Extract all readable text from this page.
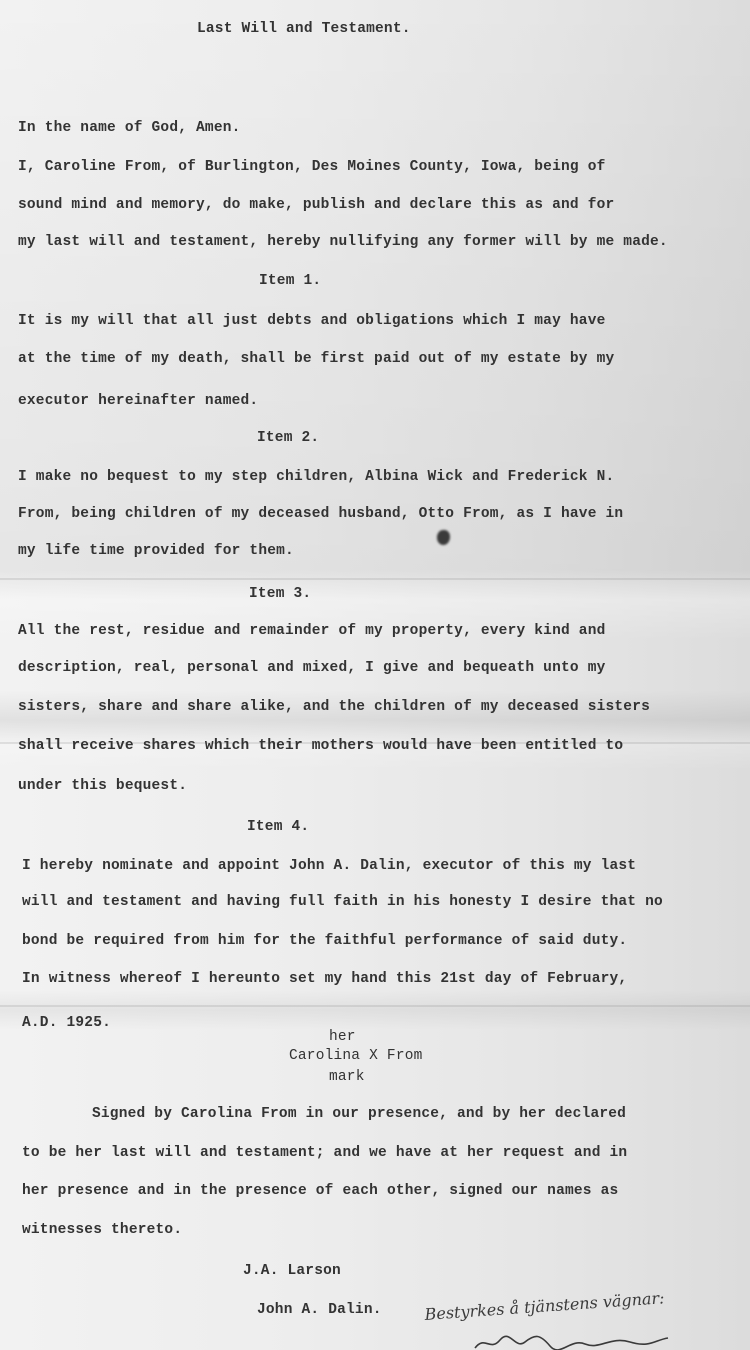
Last Will and Testament.
In the name of God, Amen.
I, Caroline From, of Burlington, Des Moines County, Iowa, being of
sound mind and memory, do make, publish and declare this as and for
my last will and testament, hereby nullifying any former will by me made.
Item 1.
It is my will that all just debts and obligations which I may have
at the time of my death, shall be first paid out of my estate by my
executor hereinafter named.
Item 2.
I make no bequest to my step children, Albina Wick and Frederick N.
From, being children of my deceased husband, Otto From, as I have in
my life time provided for them.
Item 3.
All the rest, residue and remainder of my property, every kind and
description, real, personal and mixed, I give and bequeath unto my
sisters, share and share alike, and the children of my deceased sisters
shall receive shares which their mothers would have been entitled to
under this bequest.
Item 4.
I hereby nominate and appoint John A. Dalin, executor of this my last
will and testament and having full faith in his honesty I desire that no
bond be required from him for the faithful performance of said duty.
In witness whereof I hereunto set my hand this 21st day of February,
A.D. 1925.
her
Carolina X From
mark
Signed by Carolina From in our presence, and by her declared
to be her last will and testament; and we have at her request and in
her presence and in the presence of each other, signed our names as
witnesses thereto.
J.A. Larson
John A. Dalin.	Bestyrkes å tjänstens vägnar:
